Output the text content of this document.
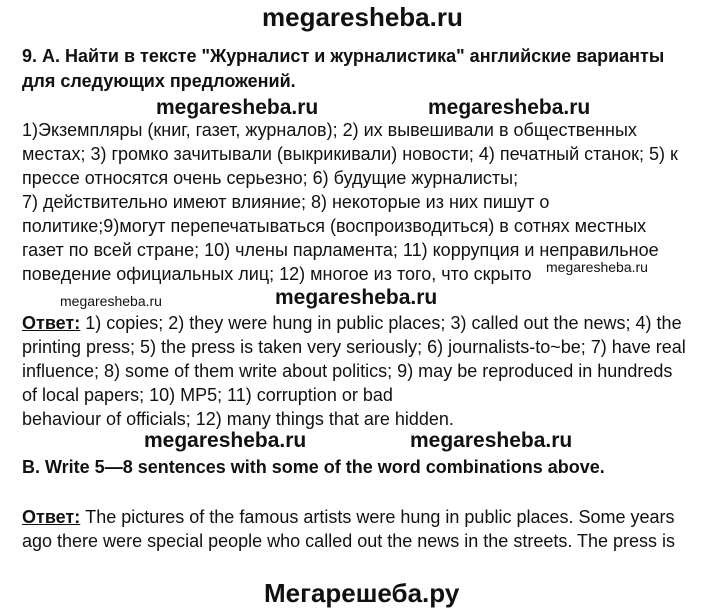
megaresheba.ru
9. А. Найти в тексте "Журналист и журналистика" английские варианты
для следующих предложений.
megaresheba.ru	megaresheba.ru
1)Экземпляры (книг, газет, журналов); 2) их вывешивали в общественных
местах; 3) громко зачитывали (выкрикивали) новости; 4) печатный станок; 5) к
прессе относятся очень серьезно; 6) будущие журналисты;
7) действительно имеют влияние; 8) некоторые из них пишут о
политике;9)могут перепечатываться (воспроизводиться) в сотнях местных
газет по всей стране; 10) члены парламента; 11) коррупция и неправильное
поведение официальных лиц; 12) многое из того, что скрыто megaresheba.ru
megaresheba.ru	megaresheba.ru
Ответ: 1) copies; 2) they were hung in public places; 3) called out the news; 4) the
printing press; 5) the press is taken very seriously; 6) journalists-to~be; 7) have real
influence; 8) some of them write about politics; 9) may be reproduced in hundreds
of local papers; 10) MP5; 11) corruption or bad
behaviour of officials; 12) many things that are hidden.
megaresheba.ru	megaresheba.ru
B. Write 5—8 sentences with some of the word combinations above.
Ответ: The pictures of the famous artists were hung in public places. Some years
ago there were special people who called out the news in the streets. The press is
Мегарешеба.ру
